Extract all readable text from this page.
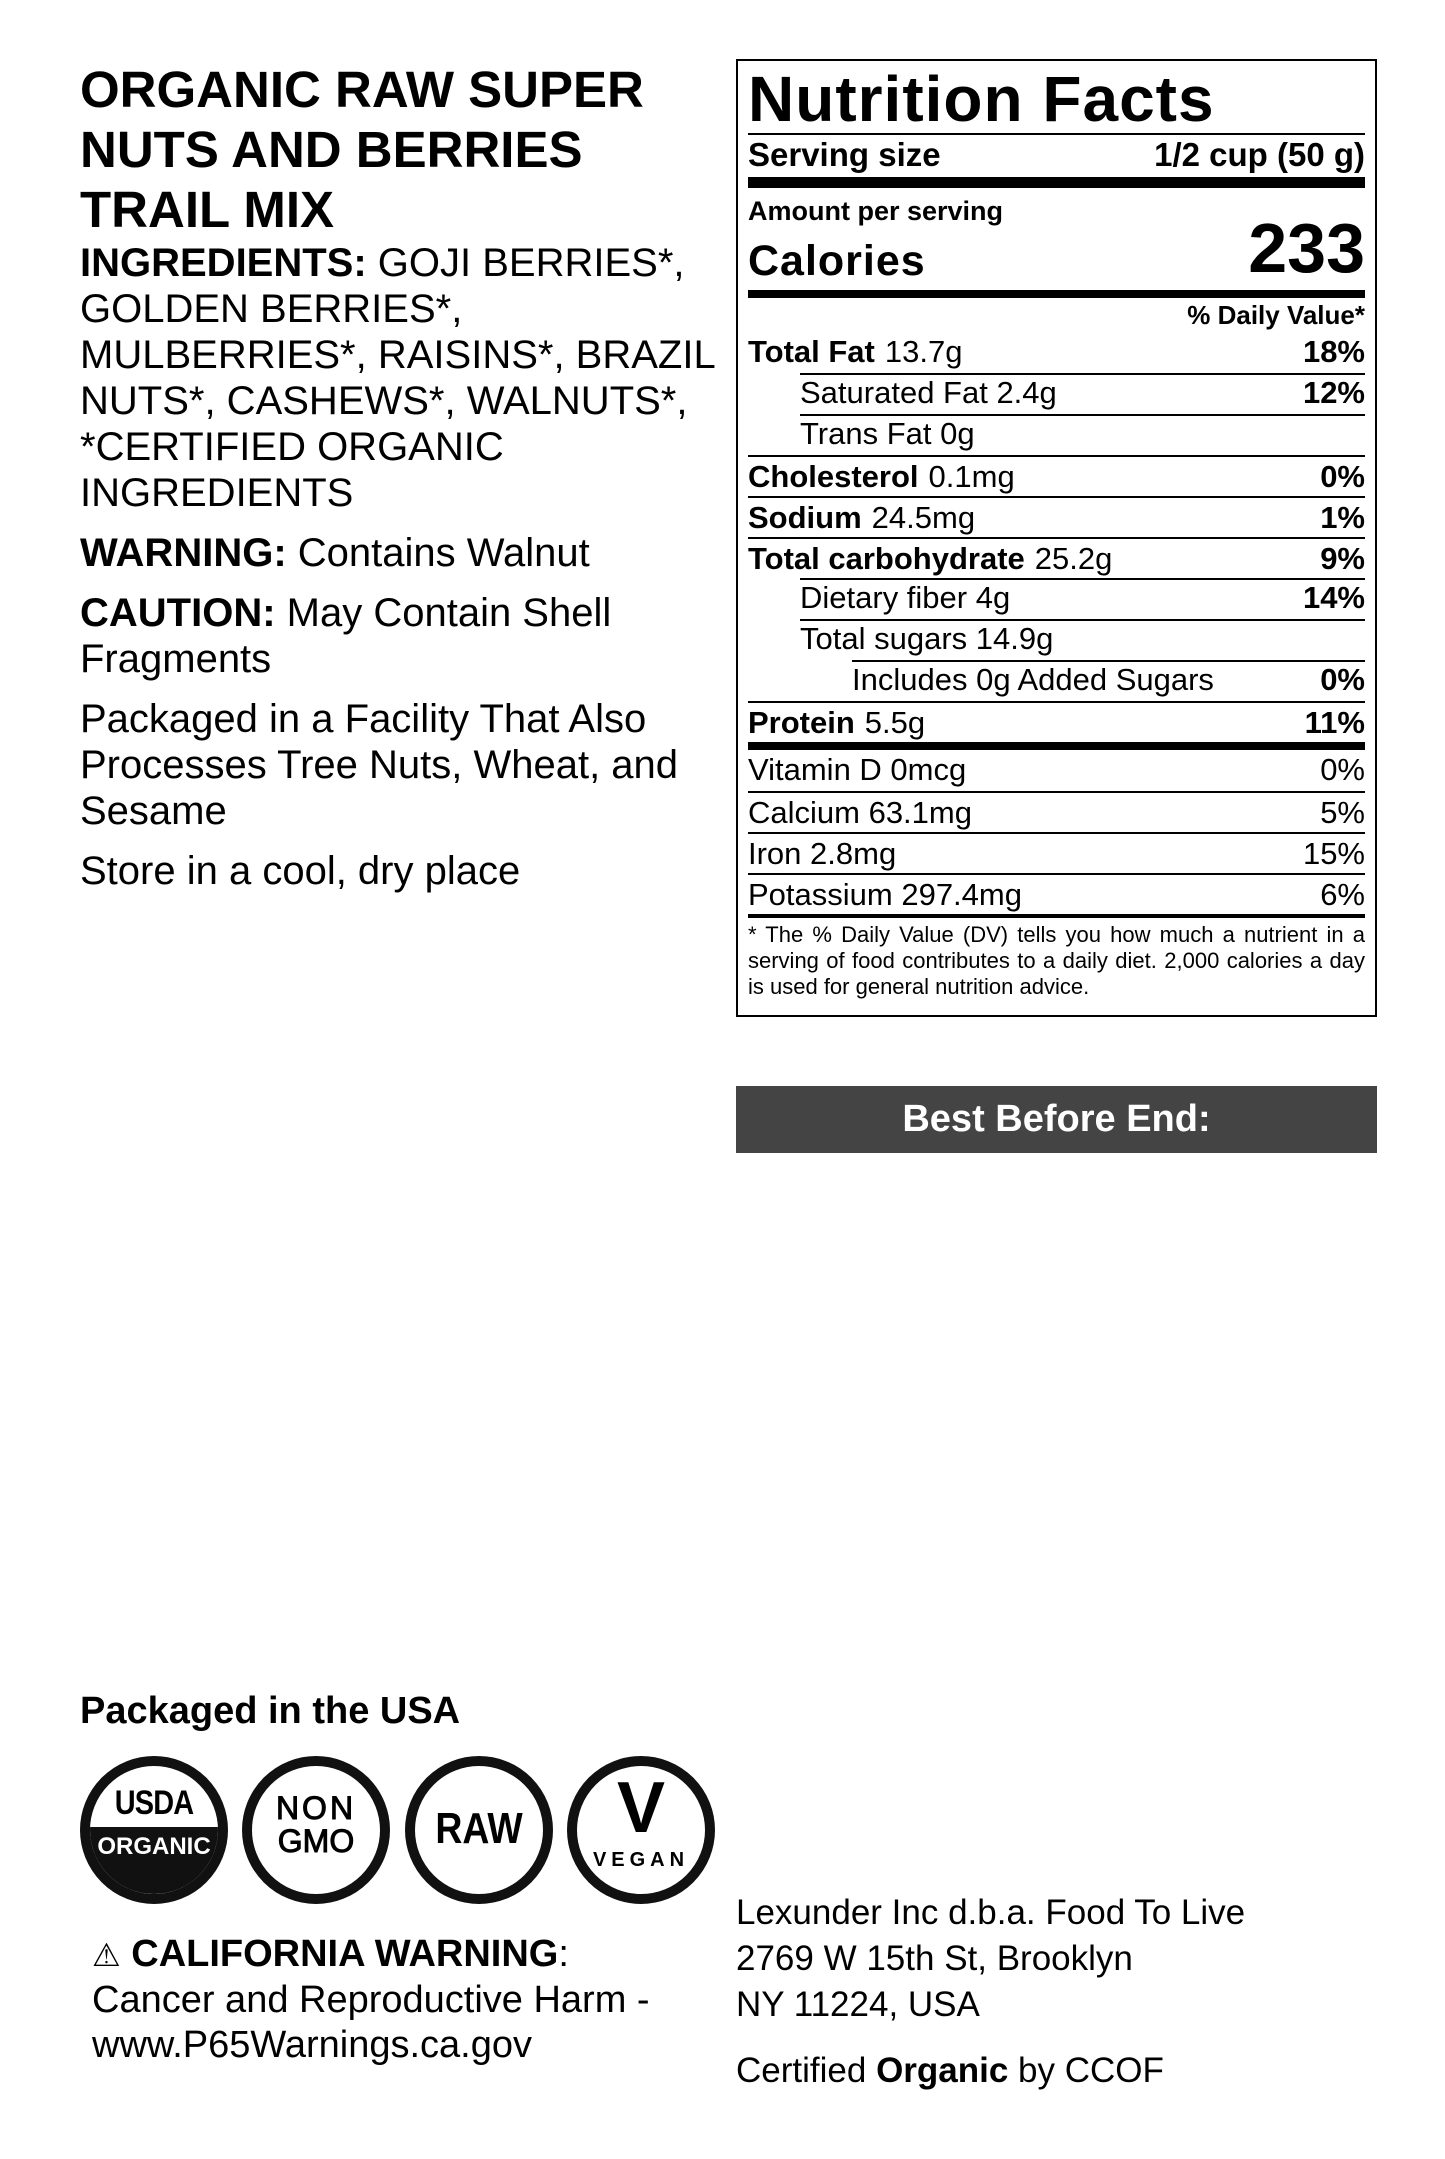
ORGANIC RAW SUPER
NUTS AND BERRIES
TRAIL MIX
INGREDIENTS: GOJI BERRIES*,
GOLDEN BERRIES*,
MULBERRIES*, RAISINS*, BRAZIL
NUTS*, CASHEWS*, WALNUTS*,
*CERTIFIED ORGANIC
INGREDIENTS
WARNING: Contains Walnut
CAUTION: May Contain Shell
Fragments
Packaged in a Facility That Also
Processes Tree Nuts, Wheat, and
Sesame
Store in a cool, dry place
Nutrition Facts
Serving size	1/2 cup (50 g)
Amount per serving
Calories	233
% Daily Value*
Total Fat 13.7g	18%
Saturated Fat 2.4g	12%
Trans Fat 0g
Cholesterol 0.1mg	0%
Sodium 24.5mg	1%
Total carbohydrate 25.2g	9%
Dietary fiber 4g	14%
Total sugars 14.9g
Includes 0g Added Sugars	0%
Protein 5.5g	11%
Vitamin D 0mcg	0%
Calcium 63.1mg	5%
Iron 2.8mg	15%
Potassium 297.4mg	6%
* The % Daily Value (DV) tells you how much a nutrient in a serving of food contributes to a daily diet. 2,000 calories a day is used for general nutrition advice.
Best Before End:
Packaged in the USA
USDA
ORGANIC
NON
GMO	RAW	V
VEGAN
⚠ CALIFORNIA WARNING:
Cancer and Reproductive Harm -
www.P65Warnings.ca.gov
Lexunder Inc d.b.a. Food To Live
2769 W 15th St, Brooklyn
NY 11224, USA
Certified Organic by CCOF
